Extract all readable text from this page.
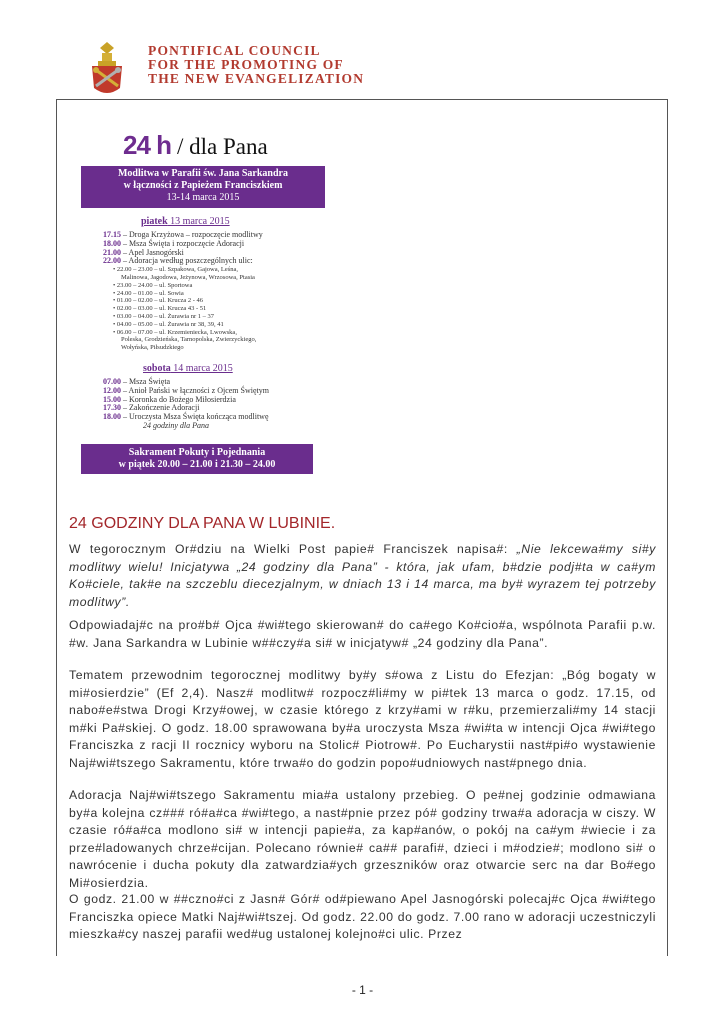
PONTIFICAL COUNCIL
FOR THE PROMOTING OF
THE NEW EVANGELIZATION
24 h / dla Pana
Modlitwa w Parafii św. Jana Sarkandra
w łączności z Papieżem Franciszkiem
13-14 marca 2015
piatek 13 marca 2015
17.15 – Droga Krzyżowa – rozpoczęcie modlitwy
18.00 – Msza Święta i rozpoczęcie Adoracji
21.00 – Apel Jasnogórski
22.00 – Adoracja według poszczególnych ulic:
• 22.00 – 23.00 – ul. Szpakowa, Gajowa, Leśna,
Malinowa, Jagodowa, Jeżynowa, Wrzosowa, Ptasia
• 23.00 – 24.00 – ul. Sportowa
• 24.00 – 01.00 – ul. Sowia
• 01.00 – 02.00 – ul. Krucza 2 - 46
• 02.00 – 03.00 – ul. Krucza 43 - 51
• 03.00 – 04.00 – ul. Żurawia nr 1 – 37
• 04.00 – 05.00 – ul. Żurawia nr 38, 39, 41
• 06.00 – 07.00 – ul. Krzemieniecka, Lwowska,
Poleska, Grodzieńska, Tarnopolska, Zwierzyckiego,
Wołyńska, Piłsudzkiego
sobota 14 marca 2015
07.00 – Msza Święta
12.00 – Anioł Pański w łączności z Ojcem Świętym
15.00 – Koronka do Bożego Miłosierdzia
17.30 – Zakończenie Adoracji
18.00 – Uroczysta Msza Święta kończąca modlitwę
24 godziny dla Pana
Sakrament Pokuty i Pojednania
w piątek 20.00 – 21.00 i 21.30 – 24.00
24 GODZINY DLA PANA W LUBINIE.
W tegorocznym Or#dziu na Wielki Post papie# Franciszek napisa#: „Nie lekcewa#my si#y modlitwy wielu! Inicjatywa „24 godziny dla Pana” - która, jak ufam, b#dzie podj#ta w ca#ym Ko#ciele, tak#e na szczeblu diecezjalnym, w dniach 13 i 14 marca, ma by# wyrazem tej potrzeby modlitwy”.
Odpowiadaj#c na pro#b# Ojca #wi#tego skierowan# do ca#ego Ko#cio#a, wspólnota Parafii p.w. #w. Jana Sarkandra w Lubinie w##czy#a si# w inicjatyw# „24 godziny dla Pana”.
Tematem przewodnim tegorocznej modlitwy by#y s#owa z Listu do Efezjan: „Bóg bogaty w mi#osierdzie” (Ef 2,4). Nasz# modlitw# rozpocz#li#my w pi#tek 13 marca o godz. 17.15, od nabo#e#stwa Drogi Krzy#owej, w czasie którego z krzy#ami w r#ku, przemierzali#my 14 stacji m#ki Pa#skiej. O godz. 18.00 sprawowana by#a uroczysta Msza #wi#ta w intencji Ojca #wi#tego Franciszka z racji II rocznicy wyboru na Stolic# Piotrow#. Po Eucharystii nast#pi#o wystawienie Naj#wi#tszego Sakramentu, które trwa#o do godzin popo#udniowych nast#pnego dnia.
Adoracja Naj#wi#tszego Sakramentu mia#a ustalony przebieg. O pe#nej godzinie odmawiana by#a kolejna cz### ró#a#ca #wi#tego, a nast#pnie przez pó# godziny trwa#a adoracja w ciszy. W czasie ró#a#ca modlono si# w intencji papie#a, za kap#anów, o pokój na ca#ym #wiecie i za prze#ladowanych chrze#cijan. Polecano równie# ca## parafi#, dzieci i m#odzie#; modlono si# o nawrócenie i ducha pokuty dla zatwardzia#ych grzeszników oraz otwarcie serc na dar Bo#ego Mi#osierdzia.
O godz. 21.00 w ##czno#ci z Jasn# Gór# od#piewano Apel Jasnogórski polecaj#c Ojca #wi#tego Franciszka opiece Matki Naj#wi#tszej. Od godz. 22.00 do godz. 7.00 rano w adoracji uczestniczyli mieszka#cy naszej parafii wed#ug ustalonej kolejno#ci ulic. Przez
- 1 -
